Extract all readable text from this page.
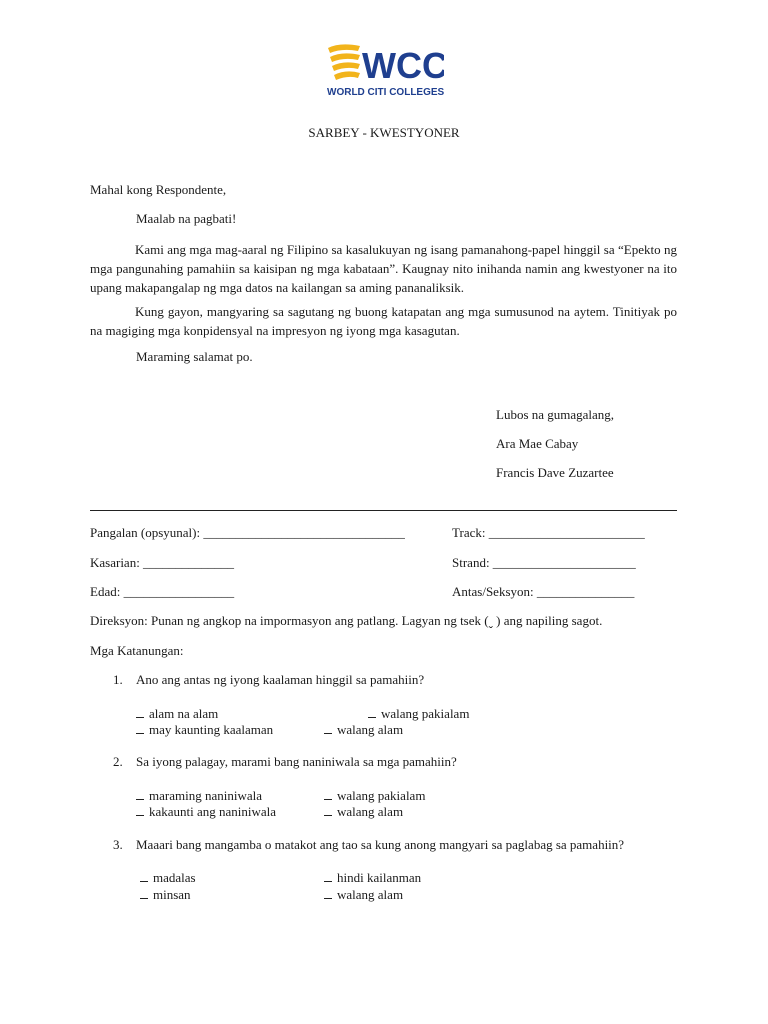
WCC
WORLD CITI COLLEGES
SARBEY - KWESTYONER
Mahal kong Respondente,
Maalab na pagbati!
Kami ang mga mag-aaral ng Filipino sa kasalukuyan ng isang pamanahong-papel hinggil sa “Epekto ng mga pangunahing pamahiin sa kaisipan ng mga kabataan”. Kaugnay nito inihanda namin ang kwestyoner na ito upang makapangalap ng mga datos na kailangan sa aming pananaliksik.
Kung gayon, mangyaring sa sagutang ng buong katapatan ang mga sumusunod na aytem. Tinitiyak po na magiging mga konpidensyal na impresyon ng iyong mga kasagutan.
Maraming salamat po.
Lubos na gumagalang,
Ara Mae Cabay
Francis Dave Zuzartee
Pangalan (opsyunal): _______________________________	Track: ________________________
Kasarian: ______________	Strand: ______________________
Edad: _________________	Antas/Seksyon: _______________
Direksyon: Punan ng angkop na impormasyon ang patlang. Lagyan ng tsek (ˬ ) ang napiling sagot.
Mga Katanungan:
1. Ano ang antas ng iyong kaalaman hinggil sa pamahiin?
alam na alam	walang pakialam
may kaunting kaalaman	walang alam
2. Sa iyong palagay, marami bang naniniwala sa mga pamahiin?
maraming naniniwala	walang pakialam
kakaunti ang naniniwala	walang alam
3. Maaari bang mangamba o matakot ang tao sa kung anong mangyari sa paglabag sa pamahiin?
madalas	hindi kailanman
minsan	walang alam
